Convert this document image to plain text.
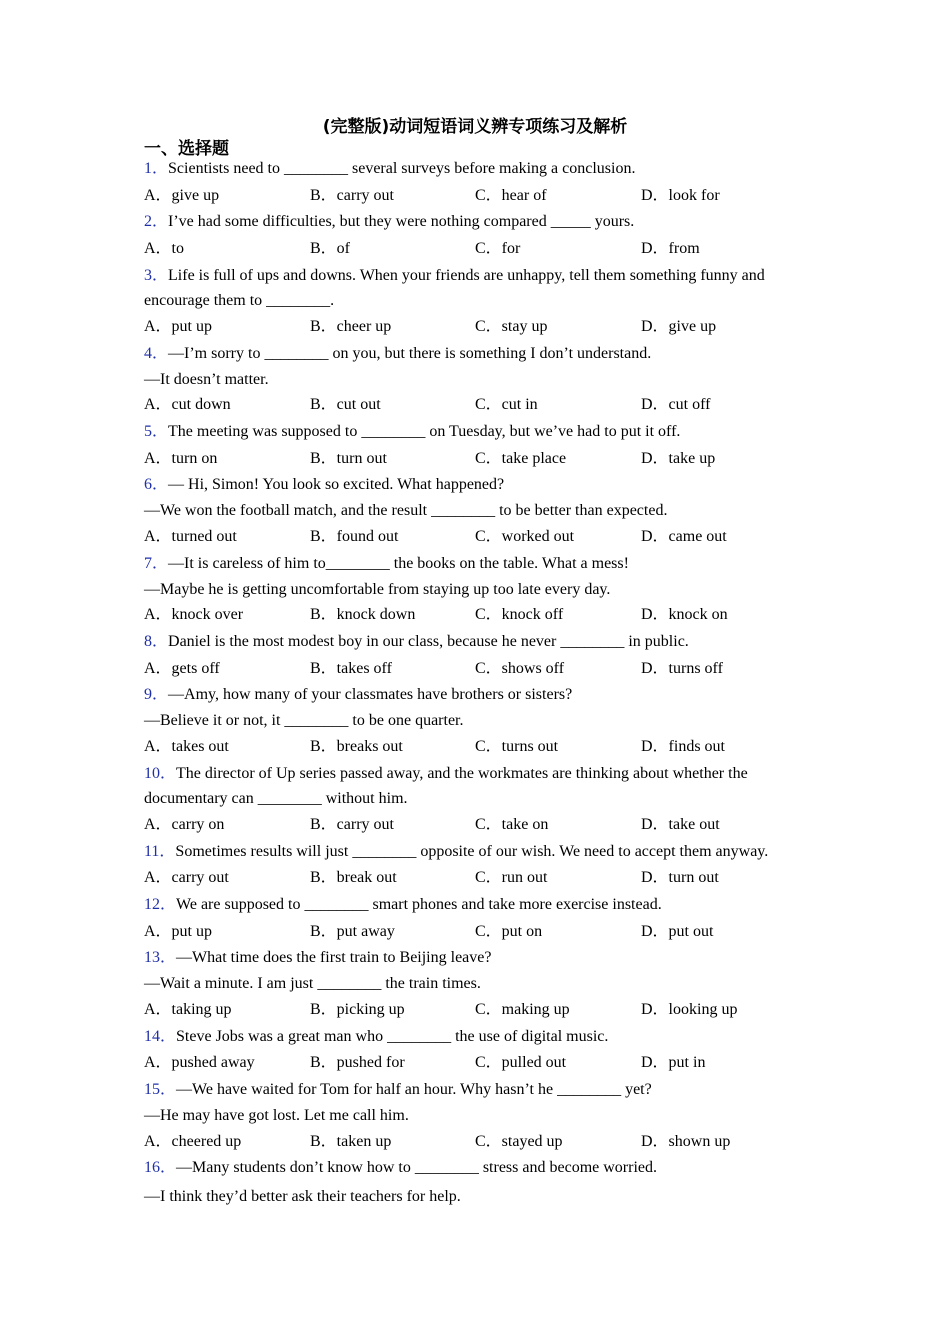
(完整版)动词短语词义辨专项练习及解析
一、选择题
1．Scientists need to ________ several surveys before making a conclusion.
A．give up	B．carry out	C．hear of	D．look for
2．I’ve had some difficulties, but they were nothing compared _____ yours.
A．to	B．of	C．for	D．from
3．Life is full of ups and downs. When your friends are unhappy, tell them something funny and
encourage them to ________.
A．put up	B．cheer up	C．stay up	D．give up
4．—I’m sorry to ________ on you, but there is something I don’t understand.
—It doesn’t matter.
A．cut down	B．cut out	C．cut in	D．cut off
5．The meeting was supposed to ________ on Tuesday, but we’ve had to put it off.
A．turn on	B．turn out	C．take place	D．take up
6．— Hi, Simon! You look so excited. What happened?
—We won the football match, and the result ________ to be better than expected.
A．turned out	B．found out	C．worked out	D．came out
7．—It is careless of him to________ the books on the table. What a mess!
—Maybe he is getting uncomfortable from staying up too late every day.
A．knock over	B．knock down	C．knock off	D．knock on
8．Daniel is the most modest boy in our class, because he never ________ in public.
A．gets off	B．takes off	C．shows off	D．turns off
9．—Amy, how many of your classmates have brothers or sisters?
—Believe it or not, it ________ to be one quarter.
A．takes out	B．breaks out	C．turns out	D．finds out
10．The director of Up series passed away, and the workmates are thinking about whether the
documentary can ________ without him.
A．carry on	B．carry out	C．take on	D．take out
11．Sometimes results will just ________ opposite of our wish. We need to accept them anyway.
A．carry out	B．break out	C．run out	D．turn out
12．We are supposed to ________ smart phones and take more exercise instead.
A．put up	B．put away	C．put on	D．put out
13．—What time does the first train to Beijing leave?
—Wait a minute. I am just ________ the train times.
A．taking up	B．picking up	C．making up	D．looking up
14．Steve Jobs was a great man who ________ the use of digital music.
A．pushed away	B．pushed for	C．pulled out	D．put in
15．—We have waited for Tom for half an hour. Why hasn’t he ________ yet?
—He may have got lost. Let me call him.
A．cheered up	B．taken up	C．stayed up	D．shown up
16．—Many students don’t know how to ________ stress and become worried.
—I think they’d better ask their teachers for help.
